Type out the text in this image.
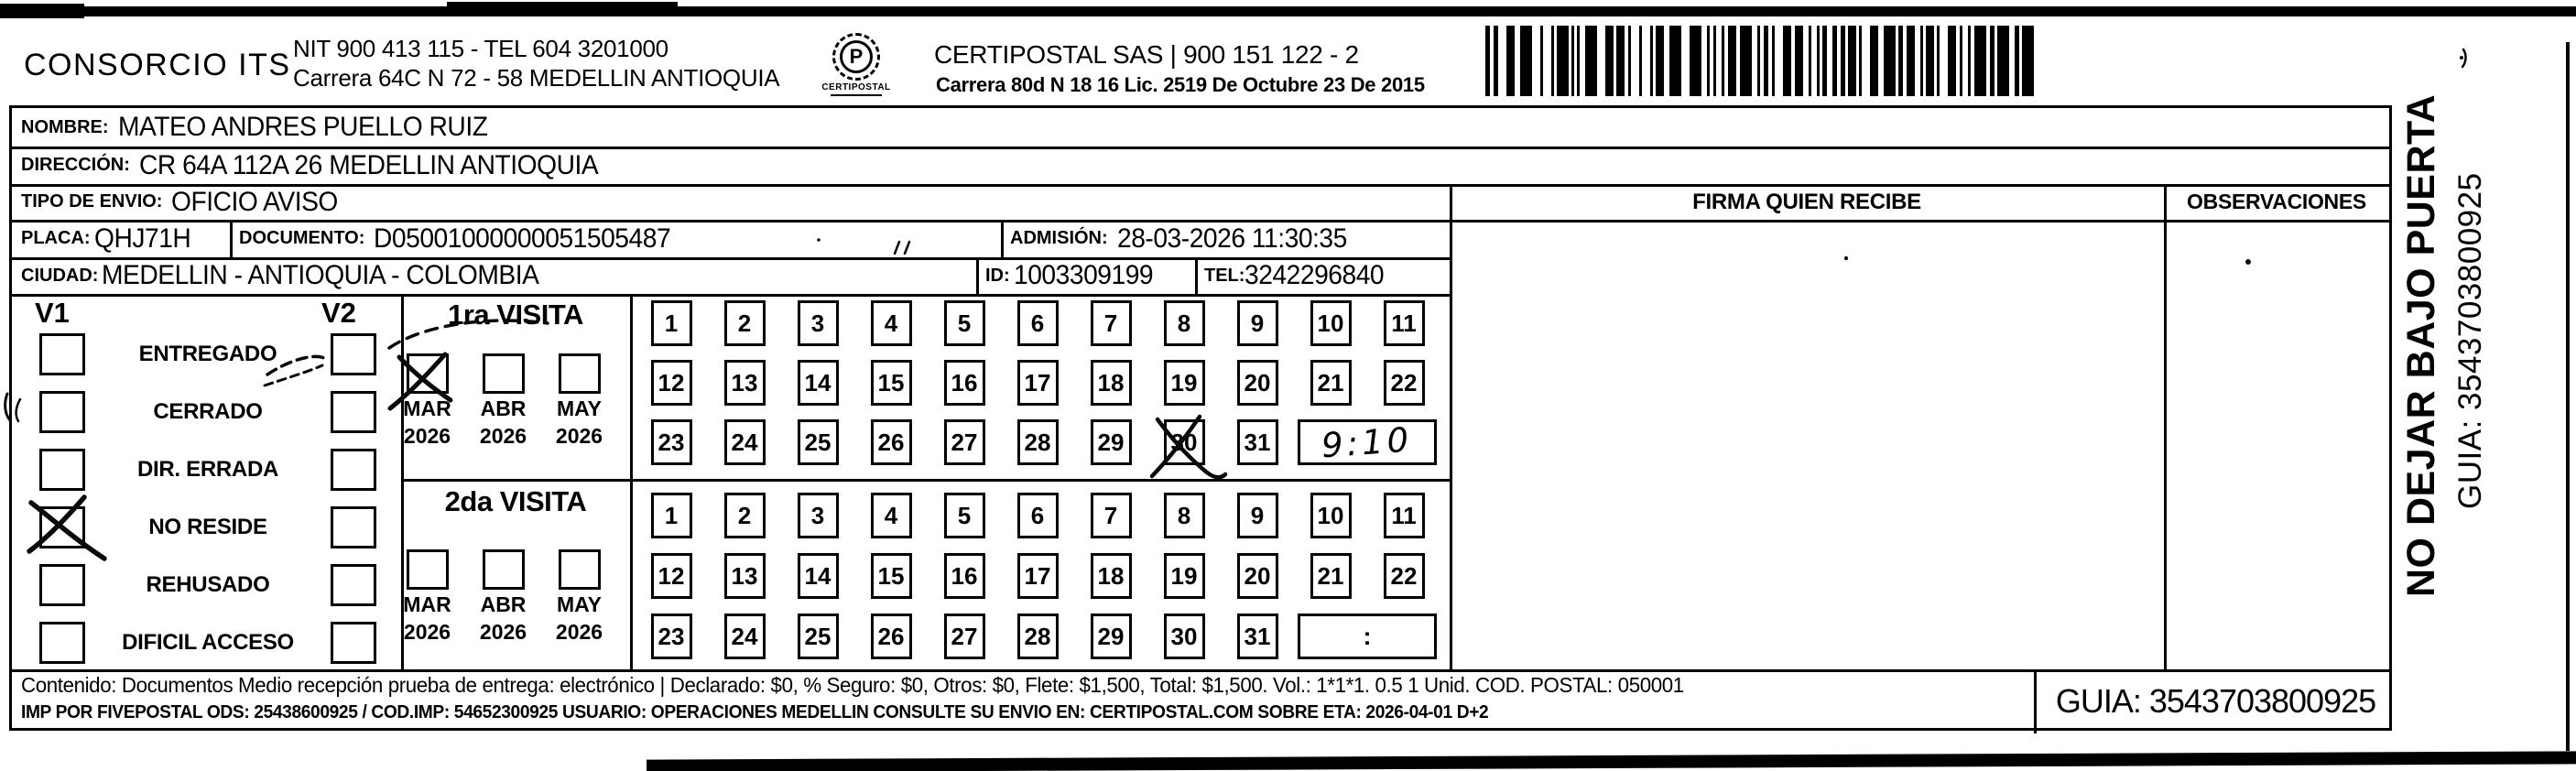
CONSORCIO ITS NIT 900 413 115 - TEL 604 3201000
Carrera 64C N 72 - 58 MEDELLIN ANTIOQUIA
P
CERTIPOSTAL
CERTIPOSTAL SAS | 900 151 122 - 2
Carrera 80d N 18 16 Lic. 2519 De Octubre 23 De 2015
NOMBRE: MATEO ANDRES PUELLO RUIZ
DIRECCIÓN: CR 64A 112A 26 MEDELLIN ANTIOQUIA
TIPO DE ENVIO: OFICIO AVISO
PLACA: QHJ71H	DOCUMENTO: D05001000000051505487	ADMISIÓN: 28-03-2026 11:30:35
CIUDAD: MEDELLIN - ANTIOQUIA - COLOMBIA	ID: 1003309199	TEL: 3242296840
FIRMA QUIEN RECIBE	OBSERVACIONES
V1	V2
ENTREGADO
CERRADO
DIR. ERRADA
NO RESIDE
REHUSADO
DIFICIL ACCESO
1ra VISITA
MAR ABR MAY
2026 2026 2026
1	2	3	4	5	6	7	8	9	10	11
12	13	14	15	16	17	18	19	20	21	22
23	24	25	26	27	28	29	30	31 9:10
2da VISITA
MAR ABR MAY
2026 2026 2026
1	2	3	4	5	6	7	8	9	10	11
12	13	14	15	16	17	18	19	20	21	22
23	24	25	26	27	28	29	30	31	:
Contenido: Documentos Medio recepción prueba de entrega: electrónico | Declarado: $0, % Seguro: $0, Otros: $0, Flete: $1,500, Total: $1,500. Vol.: 1*1*1. 0.5 1 Unid. COD. POSTAL: 050001
IMP POR FIVEPOSTAL ODS: 25438600925 / COD.IMP: 54652300925 USUARIO: OPERACIONES MEDELLIN CONSULTE SU ENVIO EN: CERTIPOSTAL.COM SOBRE ETA: 2026-04-01 D+2	GUIA: 3543703800925
NO DEJAR BAJO PUERTA GUIA: 3543703800925
